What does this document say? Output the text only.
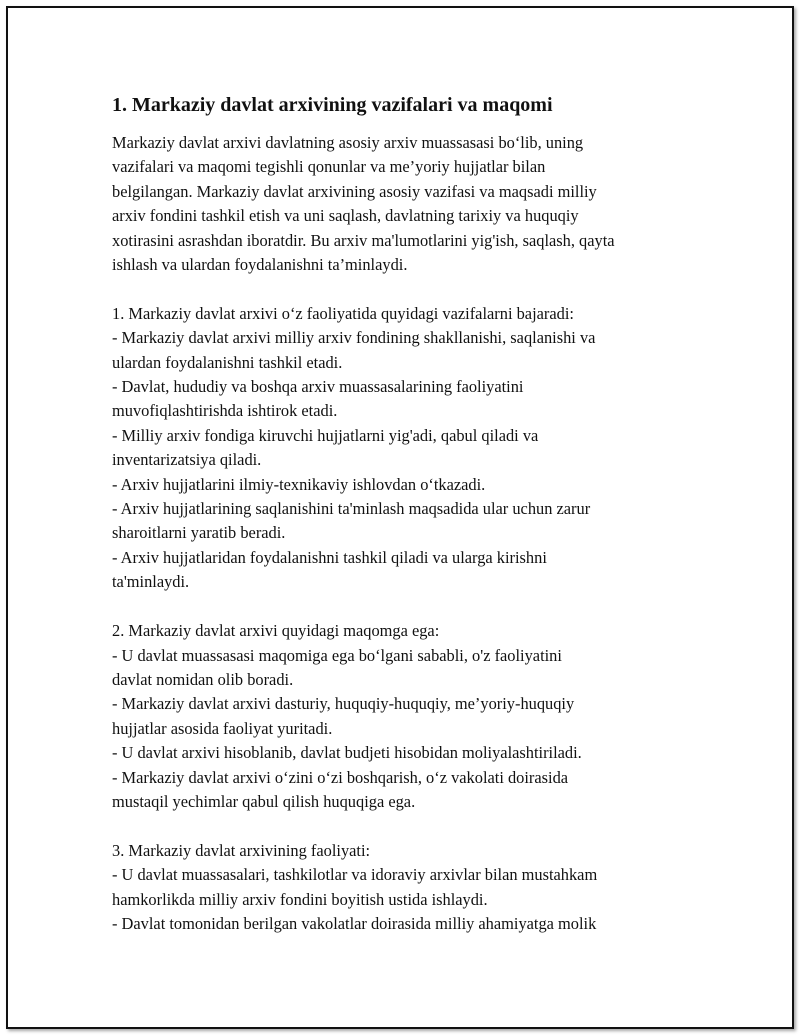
1. Markaziy davlat arxivining vazifalari va maqomi
Markaziy davlat arxivi davlatning asosiy arxiv muassasasi bo‘lib, uning
vazifalari va maqomi tegishli qonunlar va me’yoriy hujjatlar bilan
belgilangan. Markaziy davlat arxivining asosiy vazifasi va maqsadi milliy
arxiv fondini tashkil etish va uni saqlash, davlatning tarixiy va huquqiy
xotirasini asrashdan iboratdir. Bu arxiv ma'lumotlarini yig'ish, saqlash, qayta
ishlash va ulardan foydalanishni ta’minlaydi.
1. Markaziy davlat arxivi o‘z faoliyatida quyidagi vazifalarni bajaradi:
- Markaziy davlat arxivi milliy arxiv fondining shakllanishi, saqlanishi va
ulardan foydalanishni tashkil etadi.
- Davlat, hududiy va boshqa arxiv muassasalarining faoliyatini
muvofiqlashtirishda ishtirok etadi.
- Milliy arxiv fondiga kiruvchi hujjatlarni yig'adi, qabul qiladi va
inventarizatsiya qiladi.
- Arxiv hujjatlarini ilmiy-texnikaviy ishlovdan o‘tkazadi.
- Arxiv hujjatlarining saqlanishini ta'minlash maqsadida ular uchun zarur
sharoitlarni yaratib beradi.
- Arxiv hujjatlaridan foydalanishni tashkil qiladi va ularga kirishni
ta'minlaydi.
2. Markaziy davlat arxivi quyidagi maqomga ega:
- U davlat muassasasi maqomiga ega bo‘lgani sababli, o'z faoliyatini
davlat nomidan olib boradi.
- Markaziy davlat arxivi dasturiy, huquqiy-huquqiy, me’yoriy-huquqiy
hujjatlar asosida faoliyat yuritadi.
- U davlat arxivi hisoblanib, davlat budjeti hisobidan moliyalashtiriladi.
- Markaziy davlat arxivi o‘zini o‘zi boshqarish, o‘z vakolati doirasida
mustaqil yechimlar qabul qilish huquqiga ega.
3. Markaziy davlat arxivining faoliyati:
- U davlat muassasalari, tashkilotlar va idoraviy arxivlar bilan mustahkam
hamkorlikda milliy arxiv fondini boyitish ustida ishlaydi.
- Davlat tomonidan berilgan vakolatlar doirasida milliy ahamiyatga molik
